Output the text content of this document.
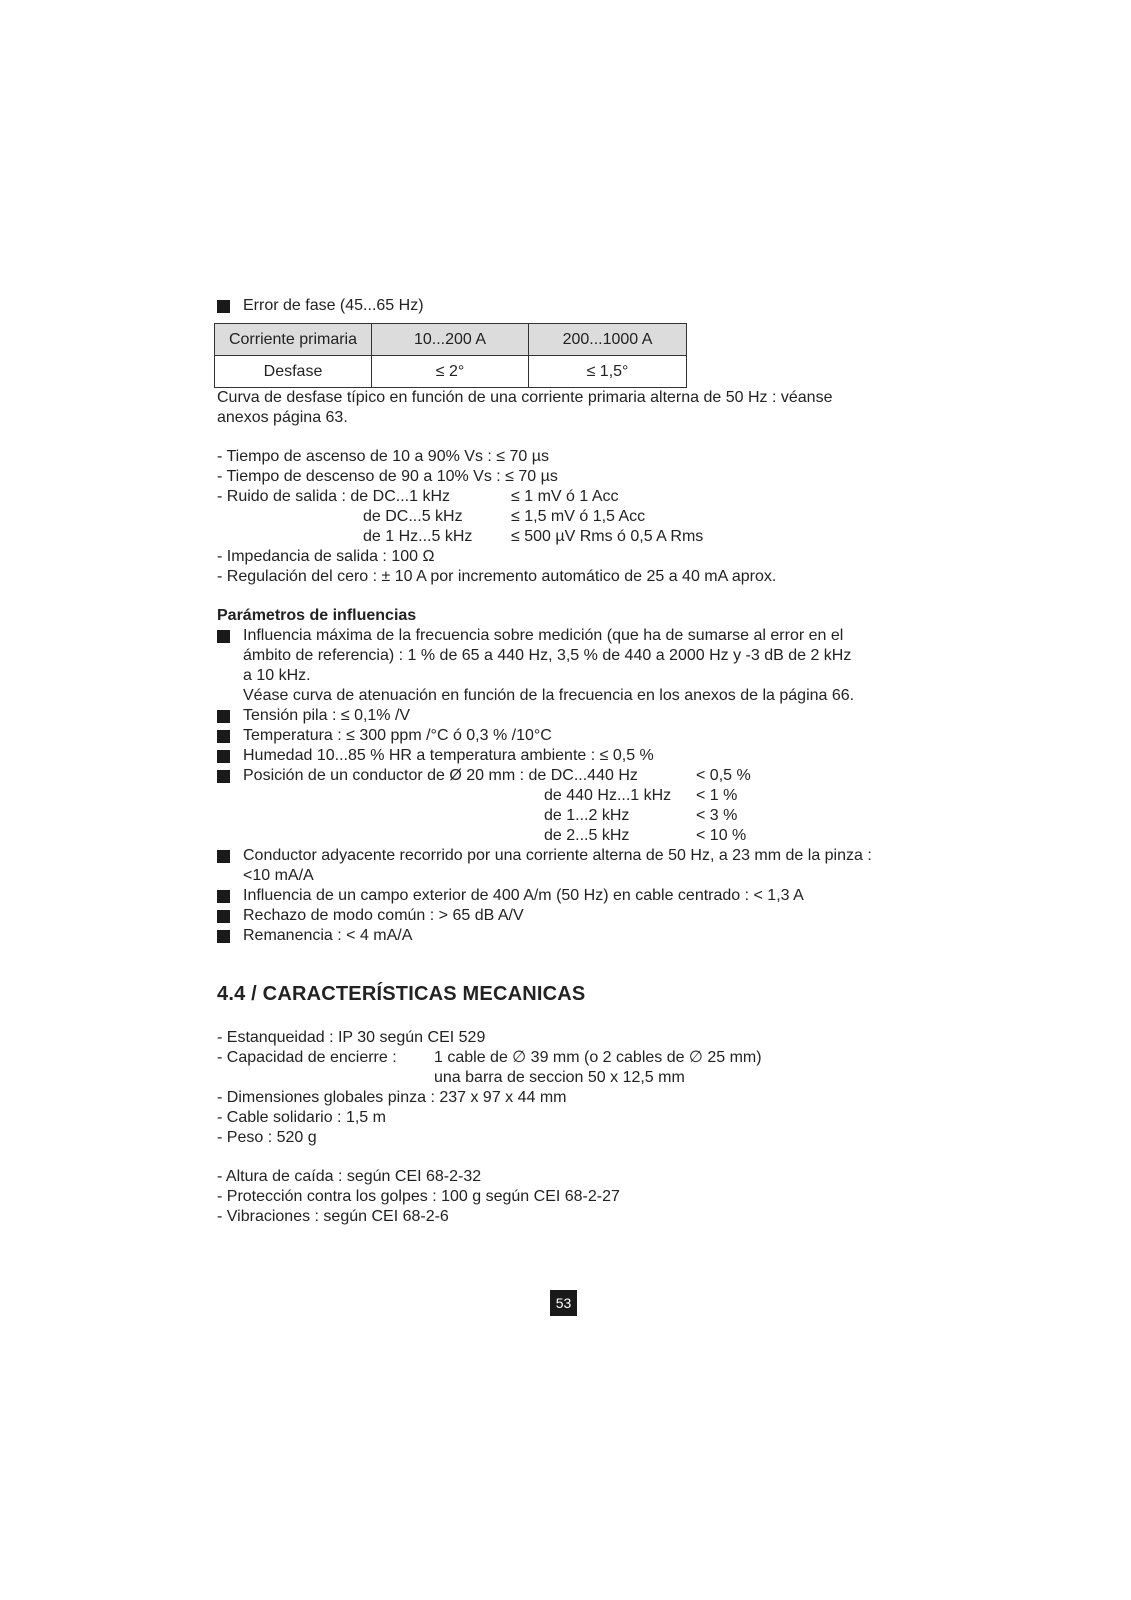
Error de fase (45...65 Hz)
Corriente primaria	10...200 A	200...1000 A
Desfase	≤ 2°	≤ 1,5°
Curva de desfase típico en función de una corriente primaria alterna de 50 Hz : véanse
anexos página 63.
- Tiempo de ascenso de 10 a 90% Vs : ≤ 70 µs
- Tiempo de descenso de 90 a 10% Vs : ≤ 70 µs
- Ruido de salida : de DC...1 kHz	≤ 1 mV ó 1 Acc
de DC...5 kHz	≤ 1,5 mV ó 1,5 Acc
de 1 Hz...5 kHz ≤ 500 µV Rms ó 0,5 A Rms
- Impedancia de salida : 100 Ω
- Regulación del cero : ± 10 A por incremento automático de 25 a 40 mA aprox.
Parámetros de influencias
Influencia máxima de la frecuencia sobre medición (que ha de sumarse al error en el
ámbito de referencia) : 1 % de 65 a 440 Hz, 3,5 % de 440 a 2000 Hz y -3 dB de 2 kHz
a 10 kHz.
Véase curva de atenuación en función de la frecuencia en los anexos de la página 66.
Tensión pila : ≤ 0,1% /V
Temperatura : ≤ 300 ppm /°C ó 0,3 % /10°C
Humedad 10...85 % HR a temperatura ambiente : ≤ 0,5 %
Posición de un conductor de Ø 20 mm : de DC...440 Hz	< 0,5 %
de 440 Hz...1 kHz < 1 %
de 1...2 kHz	< 3 %
de 2...5 kHz	< 10 %
Conductor adyacente recorrido por una corriente alterna de 50 Hz, a 23 mm de la pinza :
<10 mA/A
Influencia de un campo exterior de 400 A/m (50 Hz) en cable centrado : < 1,3 A
Rechazo de modo común : > 65 dB A/V
Remanencia : < 4 mA/A
4.4 / CARACTERÍSTICAS MECANICAS
- Estanqueidad : IP 30 según CEI 529
- Capacidad de encierre : 1 cable de ∅ 39 mm (o 2 cables de ∅ 25 mm)
una barra de seccion 50 x 12,5 mm
- Dimensiones globales pinza : 237 x 97 x 44 mm
- Cable solidario : 1,5 m
- Peso : 520 g
- Altura de caída : según CEI 68-2-32
- Protección contra los golpes : 100 g según CEI 68-2-27
- Vibraciones : según CEI 68-2-6
53
